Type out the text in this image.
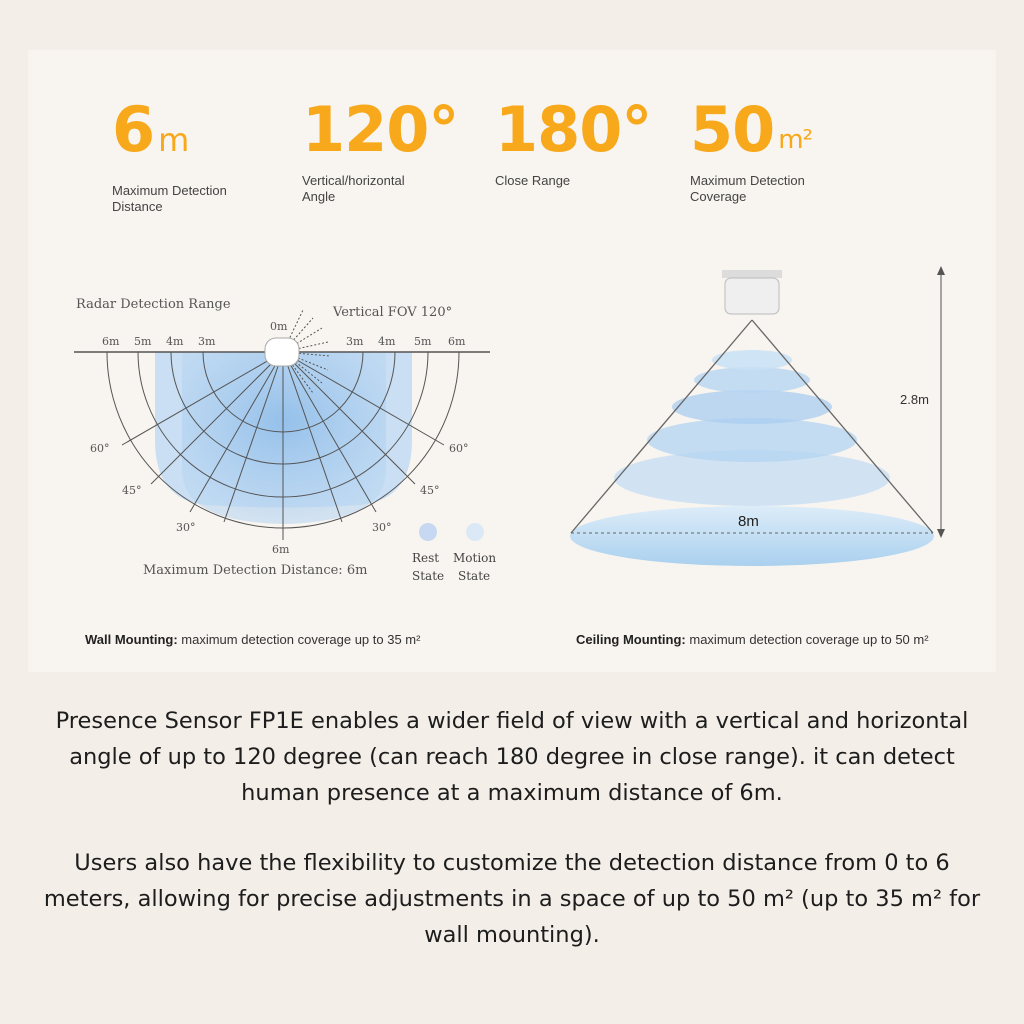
6 m
Maximum Detection
Distance
120°
Vertical/horizontal
Angle
180°
Close Range
50 $^{m^2}$
Maximum Detection
Coverage
Radar Detection Range
Vertical FOV 120°
0m
6m 5m 4m 3m	3m 4m 5m 6m
60°
45°
30°
6m
30°
45°
60°
Maximum Detection Distance: 6m
Rest
State
Motion
State
2.8m
8m
Wall Mounting: maximum detection coverage up to 35 m²	Ceiling Mounting: maximum detection coverage up to 50 m²

Presence Sensor FP1E enables a wider field of view with a vertical and horizontal angle of up to 120 degree (can reach 180 degree in close range). it can detect human presence at a maximum distance of 6m.

Users also have the flexibility to customize the detection distance from 0 to 6 meters, allowing for precise adjustments in a space of up to 50 m² (up to 35 m² for wall mounting).
